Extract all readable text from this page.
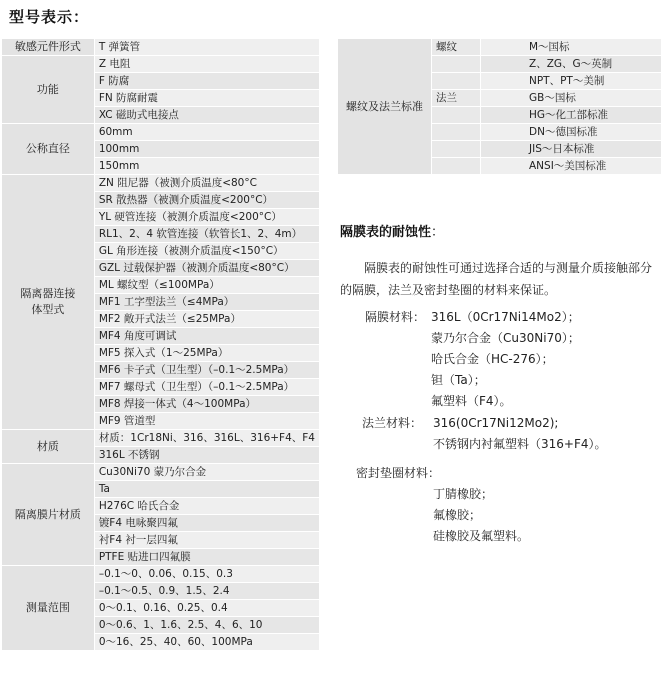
型号表示：
敏感元件形式	T 弹簧管
功能	Z 电阻
	F 防腐
	FN 防腐耐震
	XC 磁助式电接点
公称直径	60mm
	100mm
	150mm
隔离器连接
体型式	ZN 阻尼器（被测介质温度<80°C
	SR 散热器（被测介质温度<200°C）
	YL 硬管连接（被测介质温度<200°C）
	RL1、2、4 软管连接（软管长1、2、4m）
	GL 角形连接（被测介质温度<150°C）
	GZL 过载保护器（被测介质温度<80°C）
	ML 螺纹型（≤100MPa）
	MF1 工字型法兰（≤4MPa）
	MF2 敞开式法兰（≤25MPa）
	MF4 角度可调试
	MF5 探入式（1～25MPa）
	MF6 卡子式（卫生型）（–0.1～2.5MPa）
	MF7 螺母式（卫生型）（–0.1～2.5MPa）
	MF8 焊接一体式（4～100MPa）
	MF9 管道型
材质	材质：1Cr18Ni、316、316L、316+F4、F4
	316L 不锈钢
隔离膜片材质	Cu30Ni70 蒙乃尔合金
	Ta
	H276C 哈氏合金
	镀F4 电咏聚四氟
	衬F4 衬一层四氟
	PTFE 贴进口四氟膜
测量范围	–0.1～0、0.06、0.15、0.3
	–0.1～0.5、0.9、1.5、2.4
	0～0.1、0.16、0.25、0.4
	0～0.6、1、1.6、2.5、4、6、10
	0～16、25、40、60、100MPa
螺纹及法兰标准	螺纹	M～国标
		Z、ZG、G～英制
		NPT、PT～美制
	法兰	GB～国标
		HG～化工部标准
		DN～德国标准
		JIS～日本标准
		ANSI～美国标准
隔膜表的耐蚀性：
隔膜表的耐蚀性可通过选择合适的与测量介质接触部分的隔膜，法兰及密封垫圈的材料来保证。
隔膜材料： 316L（0Cr17Ni14Mo2）；
蒙乃尔合金（Cu30Ni70）；
哈氏合金（HC-276）；
钽（Ta）；
氟塑料（F4）。
法兰材料： 316(0Cr17Ni12Mo2);
不锈钢内衬氟塑料（316+F4）。
密封垫圈材料：
丁腈橡胶；
氟橡胶；
硅橡胶及氟塑料。
